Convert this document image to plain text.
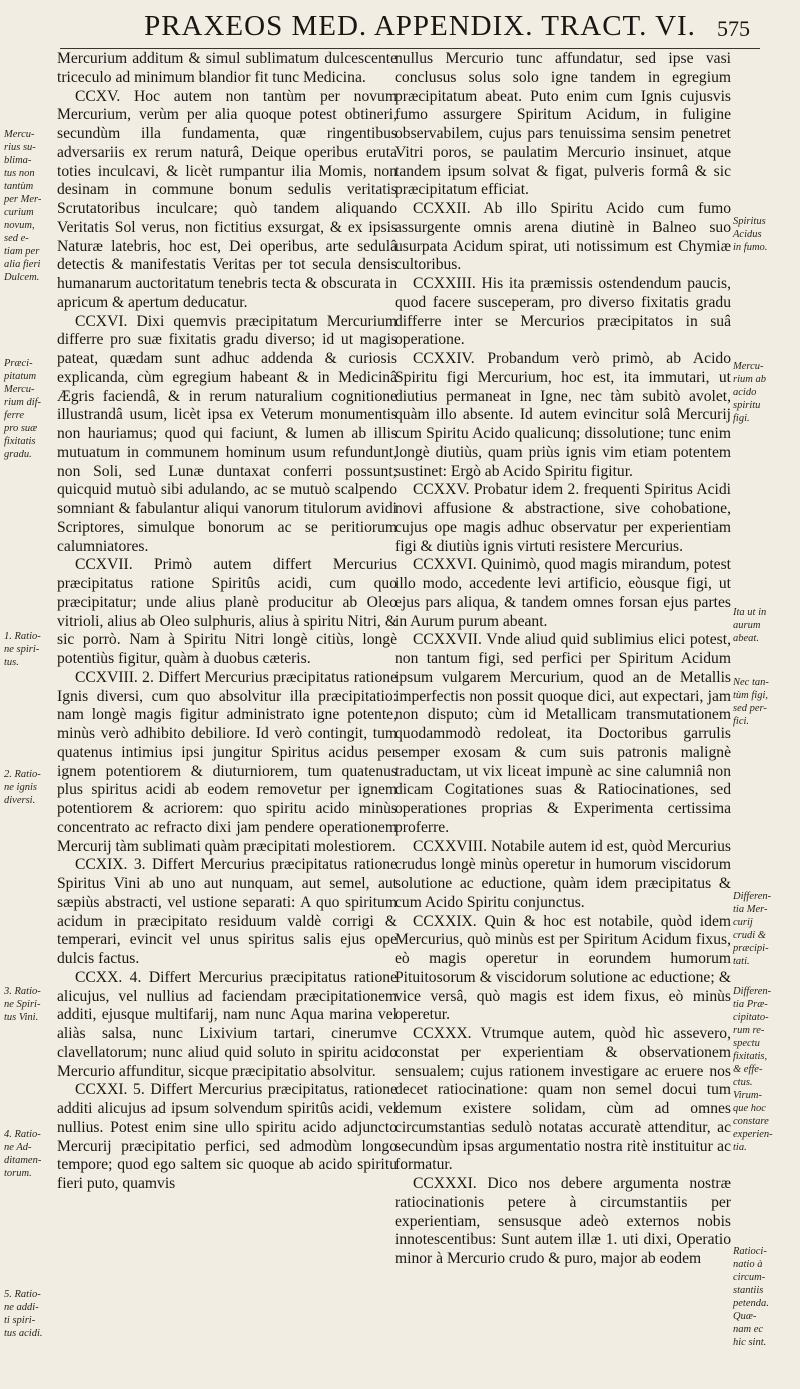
PRAXEOS MED. APPENDIX. TRACT. VI. 575

Mercurium additum & simul sublimatum dulcescente triceculo ad minimum blandior fit tunc Medicina.

CCXV. Hoc autem non tantùm per novum Mercurium, verùm per alia quoque potest obtineri, secundùm illa fundamenta, quæ ringentibus adversariis ex rerum naturâ, Deique operibus eruta toties inculcavi, & licèt rumpantur ilia Momis, non desinam in commune bonum sedulis veritatis Scrutatoribus inculcare; quò tandem aliquando Veritatis Sol verus, non fictitius exsurgat, & ex ipsis Naturæ latebris, hoc est, Dei operibus, arte sedulâ detectis & manifestatis Veritas per tot secula densis humanarum auctoritatum tenebris tecta & obscurata in apricum & apertum deducatur.

CCXVI. Dixi quemvis præcipitatum Mercurium differre pro suæ fixitatis gradu diverso; id ut magis pateat, quædam sunt adhuc addenda & curiosis explicanda, cùm egregium habeant & in Medicinâ Ægris faciendâ, & in rerum naturalium cognitione illustrandâ usum, licèt ipsa ex Veterum monumentis non hauriamus; quod qui faciunt, & lumen ab illis mutuatum in communem hominum usum refundunt, non Soli, sed Lunæ duntaxat conferri possunt; quicquid mutuò sibi adulando, ac se mutuò scalpendo somniant & fabulantur aliqui vanorum titulorum avidi Scriptores, simulque bonorum ac se peritiorum calumniatores.

CCXVII. Primò autem differt Mercurius præcipitatus ratione Spiritûs acidi, cum quo præcipitatur; unde alius planè producitur ab Oleo vitrioli, alius ab Oleo sulphuris, alius à spiritu Nitri, & sic porrò. Nam à Spiritu Nitri longè citiùs, longè potentiùs figitur, quàm à duobus cæteris.

CCXVIII. 2. Differt Mercurius præcipitatus ratione Ignis diversi, cum quo absolvitur illa præcipitatio: nam longè magis figitur administrato igne potente, minùs verò adhibito debiliore. Id verò contingit, tum quatenus intimius ipsi jungitur Spiritus acidus per ignem potentiorem & diuturniorem, tum quatenus plus spiritus acidi ab eodem removetur per ignem potentiorem & acriorem: quo spiritu acido minùs concentrato ac refracto dixi jam pendere operationem Mercurij tàm sublimati quàm præcipitati molestiorem.

CCXIX. 3. Differt Mercurius præcipitatus ratione Spiritus Vini ab uno aut nunquam, aut semel, aut sæpiùs abstracti, vel ustione separati: A quo spiritum acidum in præcipitato residuum valdè corrigi & temperari, evincit vel unus spiritus salis ejus ope dulcis factus.

CCXX. 4. Differt Mercurius præcipitatus ratione alicujus, vel nullius ad faciendam præcipitationem additi, ejusque multifarij, nam nunc Aqua marina vel aliàs salsa, nunc Lixivium tartari, cinerumve clavellatorum; nunc aliud quid soluto in spiritu acido Mercurio affunditur, sicque præcipitatio absolvitur.

CCXXI. 5. Differt Mercurius præcipitatus, ratione additi alicujus ad ipsum solvendum spiritûs acidi, vel nullius. Potest enim sine ullo spiritu acido adjuncto Mercurij præcipitatio perfici, sed admodùm longo tempore; quod ego saltem sic quoque ab acido spiritu fieri puto, quamvis

nullus Mercurio tunc affundatur, sed ipse vasi conclusus solus solo igne tandem in egregium præcipitatum abeat. Puto enim cum Ignis cujusvis fumo assurgere Spiritum Acidum, in fuligine observabilem, cujus pars tenuissima sensim penetret Vitri poros, se paulatim Mercurio insinuet, atque tandem ipsum solvat & figat, pulveris formâ & sic præcipitatum efficiat.

CCXXII. Ab illo Spiritu Acido cum fumo assurgente omnis arena diutinè in Balneo suo usurpata Acidum spirat, uti notissimum est Chymiæ cultoribus.

CCXXIII. His ita præmissis ostendendum paucis, quod facere susceperam, pro diverso fixitatis gradu differre inter se Mercurios præcipitatos in suâ operatione.

CCXXIV. Probandum verò primò, ab Acido Spiritu figi Mercurium, hoc est, ita immutari, ut diutius permaneat in Igne, nec tàm subitò avolet, quàm illo absente. Id autem evincitur solâ Mercurij cum Spiritu Acido qualicunq; dissolutione; tunc enim longè diutiùs, quam priùs ignis vim etiam potentem sustinet: Ergò ab Acido Spiritu figitur.

CCXXV. Probatur idem 2. frequenti Spiritus Acidi novi affusione & abstractione, sive cohobatione, cujus ope magis adhuc observatur per experientiam figi & diutiùs ignis virtuti resistere Mercurius.

CCXXVI. Quinimò, quod magis mirandum, potest illo modo, accedente levi artificio, eòusque figi, ut ejus pars aliqua, & tandem omnes forsan ejus partes in Aurum purum abeant.

CCXXVII. Vnde aliud quid sublimius elici potest, non tantum figi, sed perfici per Spiritum Acidum ipsum vulgarem Mercurium, quod an de Metallis imperfectis non possit quoque dici, aut expectari, jam non disputo; cùm id Metallicam transmutationem quodammodò redoleat, ita Doctoribus garrulis semper exosam & cum suis patronis malignè traductam, ut vix liceat impunè ac sine calumniâ non dicam Cogitationes suas & Ratiocinationes, sed operationes proprias & Experimenta certissima proferre.

CCXXVIII. Notabile autem id est, quòd Mercurius crudus longè minùs operetur in humorum viscidorum solutione ac eductione, quàm idem præcipitatus & cum Acido Spiritu conjunctus.

CCXXIX. Quin & hoc est notabile, quòd idem Mercurius, quò minùs est per Spiritum Acidum fixus, eò magis operetur in eorundem humorum Pituitosorum & viscidorum solutione ac eductione; & vice versâ, quò magis est idem fixus, eò minùs operetur.

CCXXX. Vtrumque autem, quòd hìc assevero, constat per experientiam & observationem sensualem; cujus rationem investigare ac eruere nos decet ratiocinatione: quam non semel docui tum demum existere solidam, cùm ad omnes circumstantias sedulò notatas accuratè attenditur, ac secundùm ipsas argumentatio nostra ritè instituitur ac formatur.

CCXXXI. Dico nos debere argumenta nostræ ratiocinationis petere à circumstantiis per experientiam, sensusque adeò externos nobis innotescentibus: Sunt autem illæ 1. uti dixi, Operatio minor à Mercurio crudo & puro, major ab eodem

Mercu-
rius su-
blima-
tus non
tantùm
per Mer-
curium
novum,
sed e-
tiam per
alia fieri
Dulcem.
Præci-
pitatum
Mercu-
rium dif-
ferre
pro suæ
fixitatis
gradu.
1. Ratio-
ne spiri-
tus.
2. Ratio-
ne ignis
diversi.
3. Ratio-
ne Spiri-
tus Vini.
4. Ratio-
ne Ad-
ditamen-
torum.
5. Ratio-
ne addi-
ti spiri-
tus acidi.
Spiritus
Acidus
in fumo.
Mercu-
rium ab
acido
spiritu
figi.
Ita ut in
aurum
abeat.
Nec tan-
tùm figi,
sed per-
fici.
Differen-
tia Mer-
curij
crudi &
præcipi-
tati.
Differen-
tia Præ-
cipitato-
rum re-
spectu
fixitatis,
& effe-
ctus.
Virum-
que hoc
constare
experien-
tia.
Ratioci-
natio à
circum-
stantiis
petenda.
Quæ-
nam ec
hic sint.
